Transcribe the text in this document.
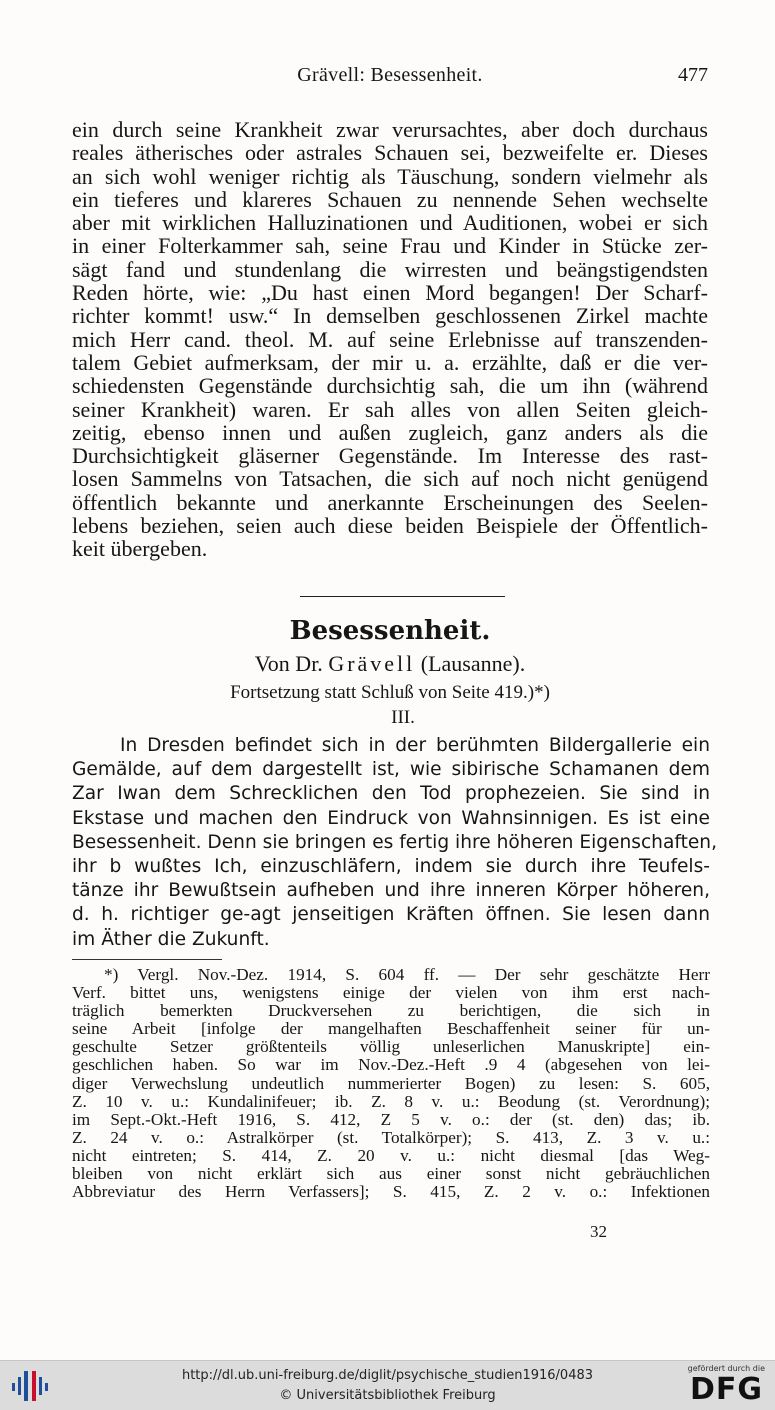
Grävell: Besessenheit.	477
ein durch seine Krankheit zwar verursachtes, aber doch durchaus
reales ätherisches oder astrales Schauen sei, bezweifelte er. Dieses
an sich wohl weniger richtig als Täuschung, sondern vielmehr als
ein tieferes und klareres Schauen zu nennende Sehen wechselte
aber mit wirklichen Halluzinationen und Auditionen, wobei er sich
in einer Folterkammer sah, seine Frau und Kinder in Stücke zer-
sägt fand und stundenlang die wirresten und beängstigendsten
Reden hörte, wie: „Du hast einen Mord begangen! Der Scharf-
richter kommt! usw.“ In demselben geschlossenen Zirkel machte
mich Herr cand. theol. M. auf seine Erlebnisse auf transzenden-
talem Gebiet aufmerksam, der mir u. a. erzählte, daß er die ver-
schiedensten Gegenstände durchsichtig sah, die um ihn (während
seiner Krankheit) waren. Er sah alles von allen Seiten gleich-
zeitig, ebenso innen und außen zugleich, ganz anders als die
Durchsichtigkeit gläserner Gegenstände. Im Interesse des rast-
losen Sammelns von Tatsachen, die sich auf noch nicht genügend
öffentlich bekannte und anerkannte Erscheinungen des Seelen-
lebens beziehen, seien auch diese beiden Beispiele der Öffentlich-
keit übergeben.
Besessenheit.
Von Dr. Grävell (Lausanne).
Fortsetzung statt Schluß von Seite 419.)*)
III.
In Dresden befindet sich in der berühmten Bildergallerie ein
Gemälde, auf dem dargestellt ist, wie sibirische Schamanen dem
Zar Iwan dem Schrecklichen den Tod prophezeien. Sie sind in
Ekstase und machen den Eindruck von Wahnsinnigen. Es ist eine
Besessenheit. Denn sie bringen es fertig ihre höheren Eigenschaften,
ihr b wußtes Ich, einzuschläfern, indem sie durch ihre Teufels-
tänze ihr Bewußtsein aufheben und ihre inneren Körper höheren,
d. h. richtiger ge-agt jenseitigen Kräften öffnen. Sie lesen dann
im Äther die Zukunft.
*) Vergl. Nov.-Dez. 1914, S. 604 ff. — Der sehr geschätzte Herr
Verf. bittet uns, wenigstens einige der vielen von ihm erst nach-
träglich bemerkten Druckversehen zu berichtigen, die sich in
seine Arbeit [infolge der mangelhaften Beschaffenheit seiner für un-
geschulte Setzer größtenteils völlig unleserlichen Manuskripte] ein-
geschlichen haben. So war im Nov.-Dez.-Heft .9 4 (abgesehen von lei-
diger Verwechslung undeutlich nummerierter Bogen) zu lesen: S. 605,
Z. 10 v. u.: Kundalinifeuer; ib. Z. 8 v. u.: Beodung (st. Verordnung);
im Sept.-Okt.-Heft 1916, S. 412, Z 5 v. o.: der (st. den) das; ib.
Z. 24 v. o.: Astralkörper (st. Totalkörper); S. 413, Z. 3 v. u.:
nicht eintreten; S. 414, Z. 20 v. u.: nicht diesmal [das Weg-
bleiben von nicht erklärt sich aus einer sonst nicht gebräuchlichen
Abbreviatur des Herrn Verfassers]; S. 415, Z. 2 v. o.: Infektionen
32
http://dl.ub.uni-freiburg.de/diglit/psychische_studien1916/0483
© Universitätsbibliothek Freiburg
gefördert durch die
DFG
